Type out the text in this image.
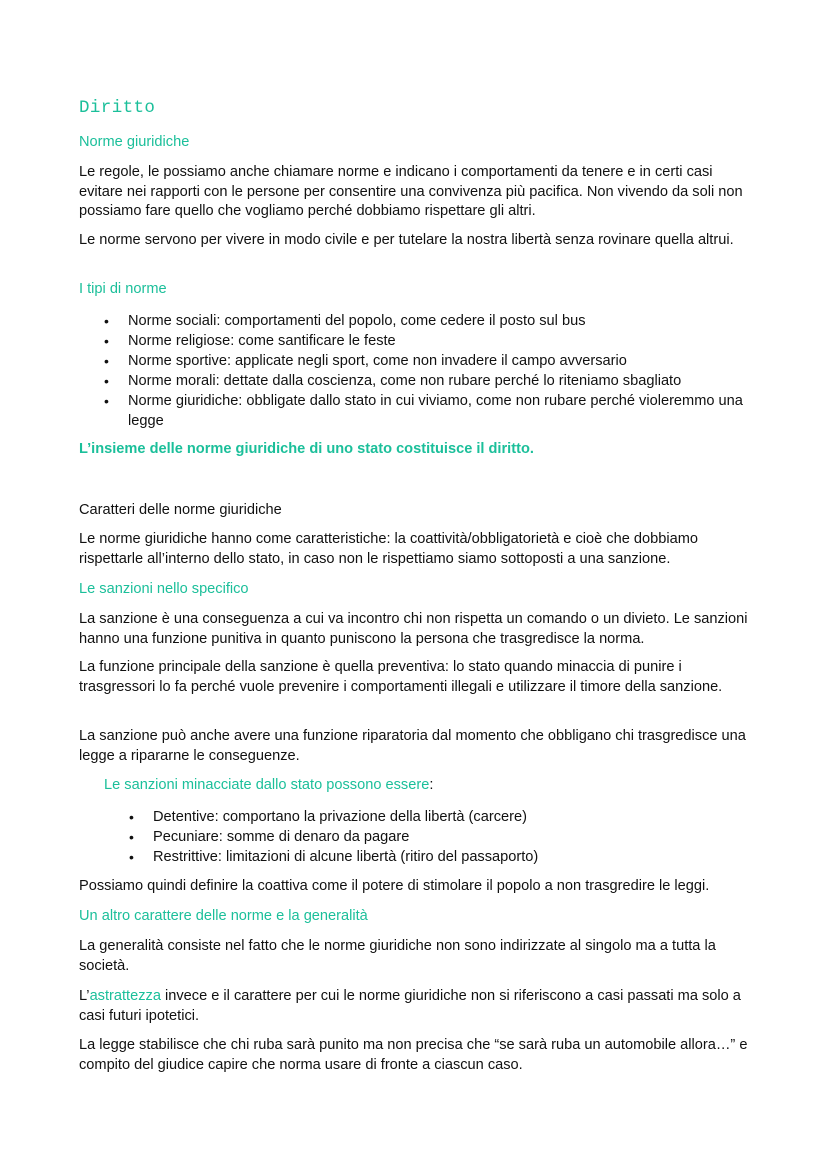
Diritto

Norme giuridiche

Le regole, le possiamo anche chiamare norme e indicano i comportamenti da tenere e in certi casi evitare nei rapporti con le persone per consentire una convivenza più pacifica. Non vivendo da soli non possiamo fare quello che vogliamo perché dobbiamo rispettare gli altri.

Le norme servono per vivere in modo civile e per tutelare la nostra libertà senza rovinare quella altrui.

I tipi di norme

•	Norme sociali: comportamenti del popolo, come cedere il posto sul bus
•	Norme religiose: come santificare le feste
•	Norme sportive: applicate negli sport, come non invadere il campo avversario
•	Norme morali: dettate dalla coscienza, come non rubare perché lo riteniamo sbagliato
•	Norme giuridiche: obbligate dallo stato in cui viviamo, come non rubare perché violeremmo una legge

L’insieme delle norme giuridiche di uno stato costituisce il diritto.

Caratteri delle norme giuridiche

Le norme giuridiche hanno come caratteristiche: la coattività/obbligatorietà e cioè che dobbiamo rispettarle all’interno dello stato, in caso non le rispettiamo siamo sottoposti a una sanzione.

Le sanzioni nello specifico

La sanzione è una conseguenza a cui va incontro chi non rispetta un comando o un divieto. Le sanzioni hanno una funzione punitiva in quanto puniscono la persona che trasgredisce la norma.

La funzione principale della sanzione è quella preventiva: lo stato quando minaccia di punire i trasgressori lo fa perché vuole prevenire i comportamenti illegali e utilizzare il timore della sanzione.

La sanzione può anche avere una funzione riparatoria dal momento che obbligano chi trasgredisce una legge a ripararne le conseguenze.

Le sanzioni minacciate dallo stato possono essere:

•	Detentive: comportano la privazione della libertà (carcere)
•	Pecuniare: somme di denaro da pagare
•	Restrittive: limitazioni di alcune libertà (ritiro del passaporto)

Possiamo quindi definire la coattiva come il potere di stimolare il popolo a non trasgredire le leggi.

Un altro carattere delle norme e la generalità

La generalità consiste nel fatto che le norme giuridiche non sono indirizzate al singolo ma a tutta la società.

L’astrattezza invece e il carattere per cui le norme giuridiche non si riferiscono a casi passati ma solo a casi futuri ipotetici.

La legge stabilisce che chi ruba sarà punito ma non precisa che “se sarà ruba un automobile allora…” e compito del giudice capire che norma usare di fronte a ciascun caso.
